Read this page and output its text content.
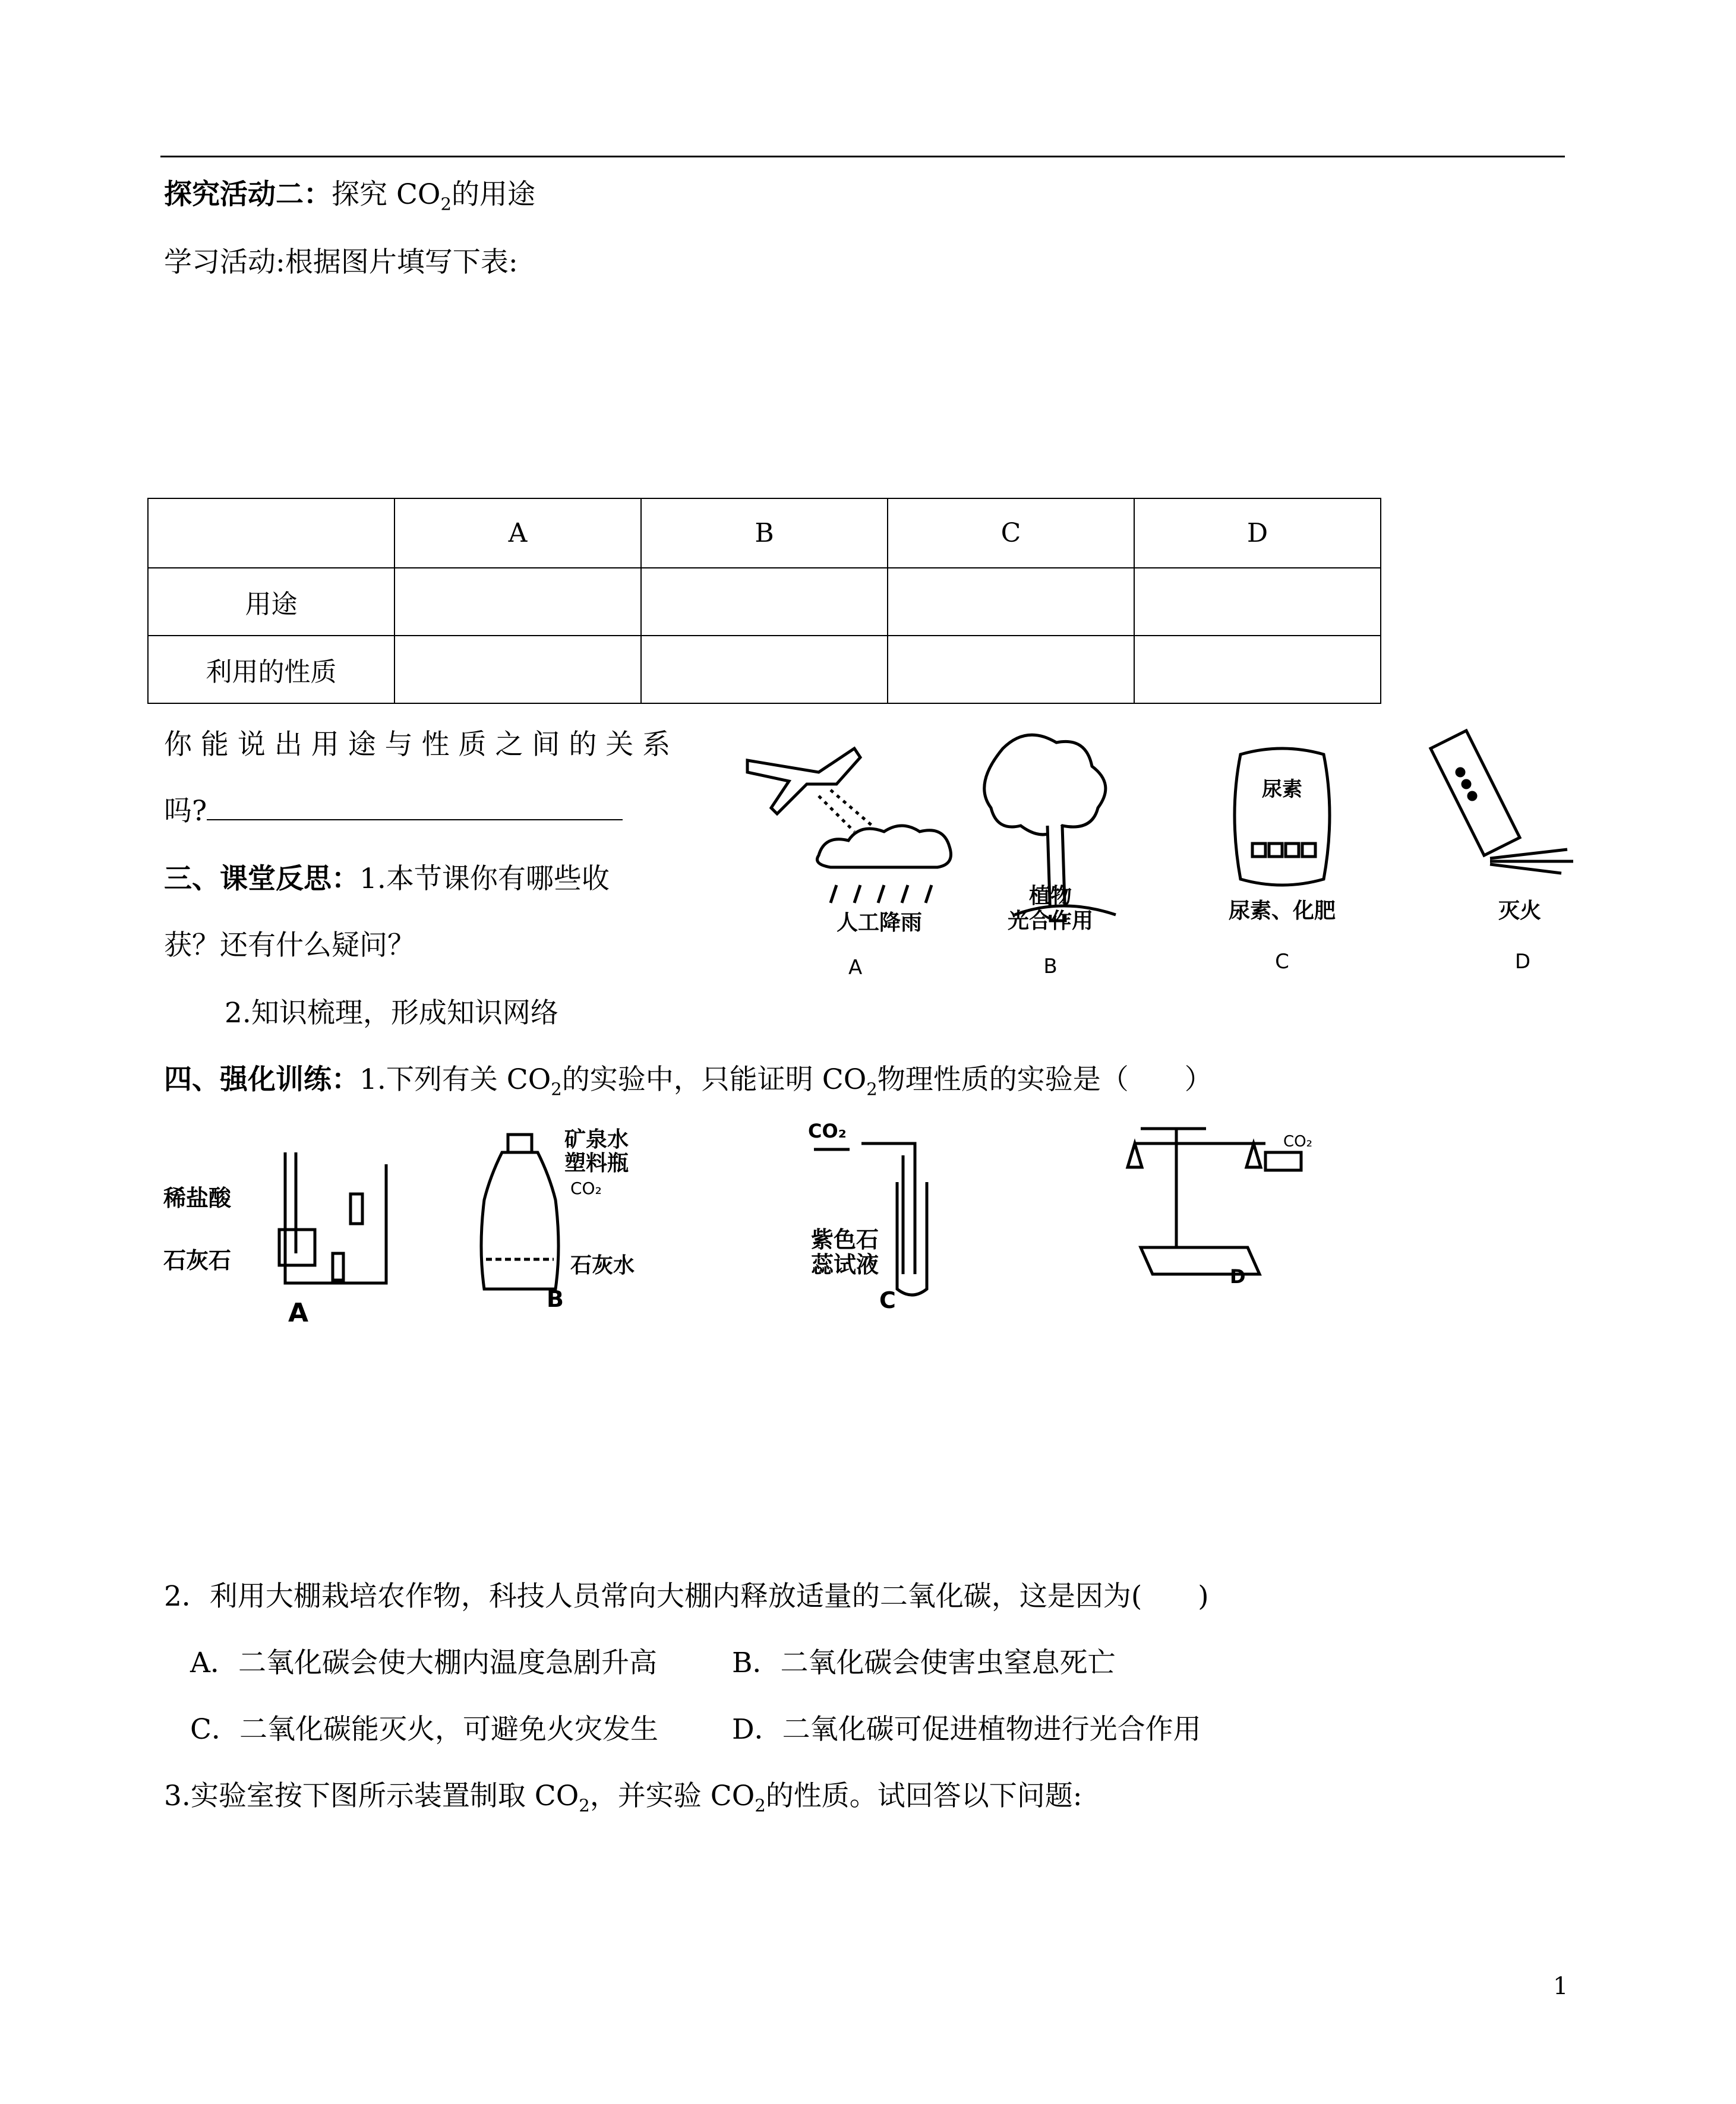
探究活动二：探究 $CO_2$的用途
学习活动:根据图片填写下表:
	A	B	C	D
用途				
利用的性质				
你 能 说 出 用 途 与 性 质 之 间 的 关 系
吗?
三、课堂反思：1.本节课你有哪些收
获？还有什么疑问？
2.知识梳理，形成知识网络
尿素
人工降雨
植物
光合作用	尿素、化肥	灭火
A	B	C	D
四、强化训练：1.下列有关 $CO_2$的实验中，只能证明 $CO_2$物理性质的实验是（　　）
稀盐酸
石灰石
A
矿泉水
塑料瓶
CO₂
石灰水
B
CO₂
紫色石
蕊试液
C
CO₂
D
2．利用大棚栽培农作物，科技人员常向大棚内释放适量的二氧化碳，这是因为(　　)
A．二氧化碳会使大棚内温度急剧升高	B．二氧化碳会使害虫窒息死亡
C．二氧化碳能灭火，可避免火灾发生	D．二氧化碳可促进植物进行光合作用
3.实验室按下图所示装置制取 $CO_2$，并实验 $CO_2$的性质。试回答以下问题:
1
